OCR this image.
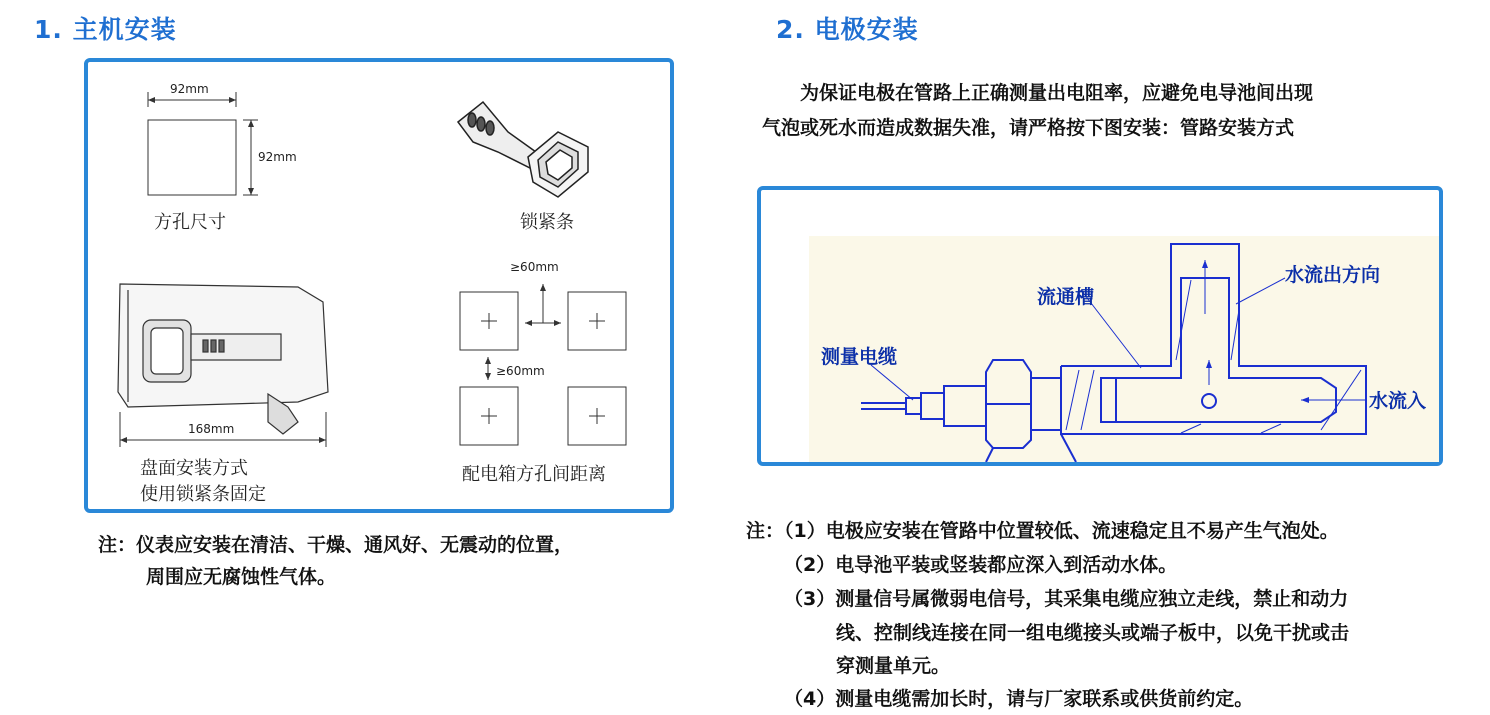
1. 主机安装
92mm
92mm
方孔尺寸	锁紧条
≥60mm
≥60mm
168mm
盘面安装方式
使用锁紧条固定
配电箱方孔间距离
注：仪表应安装在清洁、干燥、通风好、无震动的位置，
周围应无腐蚀性气体。
2. 电极安装
为保证电极在管路上正确测量出电阻率，应避免电导池间出现
气泡或死水而造成数据失准，请严格按下图安装：管路安装方式
流通槽
水流出方向
测量电缆
水流入
注：（1）电极应安装在管路中位置较低、流速稳定且不易产生气泡处。
（2）电导池平装或竖装都应深入到活动水体。
（3）测量信号属微弱电信号，其采集电缆应独立走线，禁止和动力
线、控制线连接在同一组电缆接头或端子板中，以免干扰或击
穿测量单元。
（4）测量电缆需加长时，请与厂家联系或供货前约定。
